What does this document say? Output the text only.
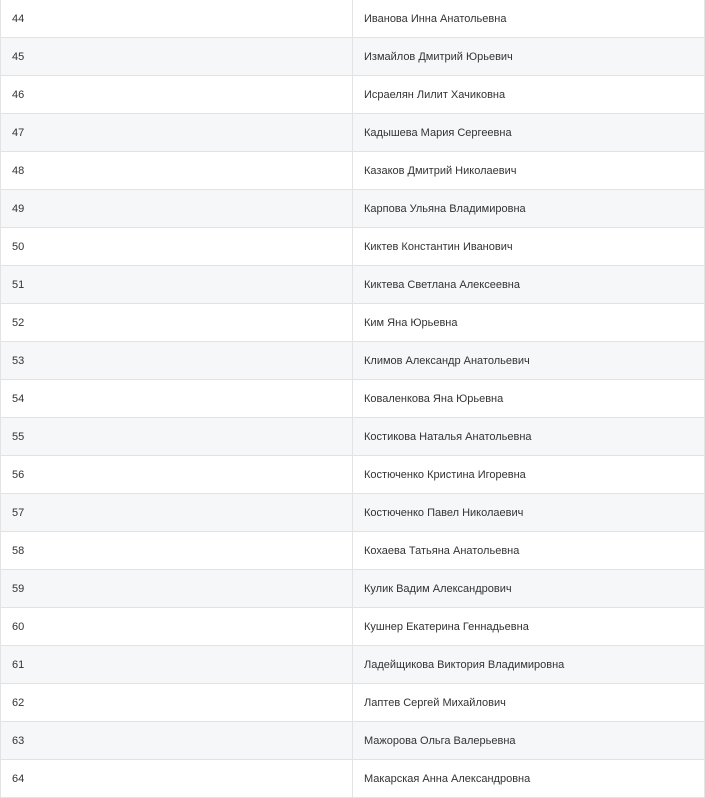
44	Иванова Инна Анатольевна
45	Измайлов Дмитрий Юрьевич
46	Исраелян Лилит Хачиковна
47	Кадышева Мария Сергеевна
48	Казаков Дмитрий Николаевич
49	Карпова Ульяна Владимировна
50	Киктев Константин Иванович
51	Киктева Светлана Алексеевна
52	Ким Яна Юрьевна
53	Климов Александр Анатольевич
54	Коваленкова Яна Юрьевна
55	Костикова Наталья Анатольевна
56	Костюченко Кристина Игоревна
57	Костюченко Павел Николаевич
58	Кохаева Татьяна Анатольевна
59	Кулик Вадим Александрович
60	Кушнер Екатерина Геннадьевна
61	Ладейщикова Виктория Владимировна
62	Лаптев Сергей Михайлович
63	Мажорова Ольга Валерьевна
64	Макарская Анна Александровна
